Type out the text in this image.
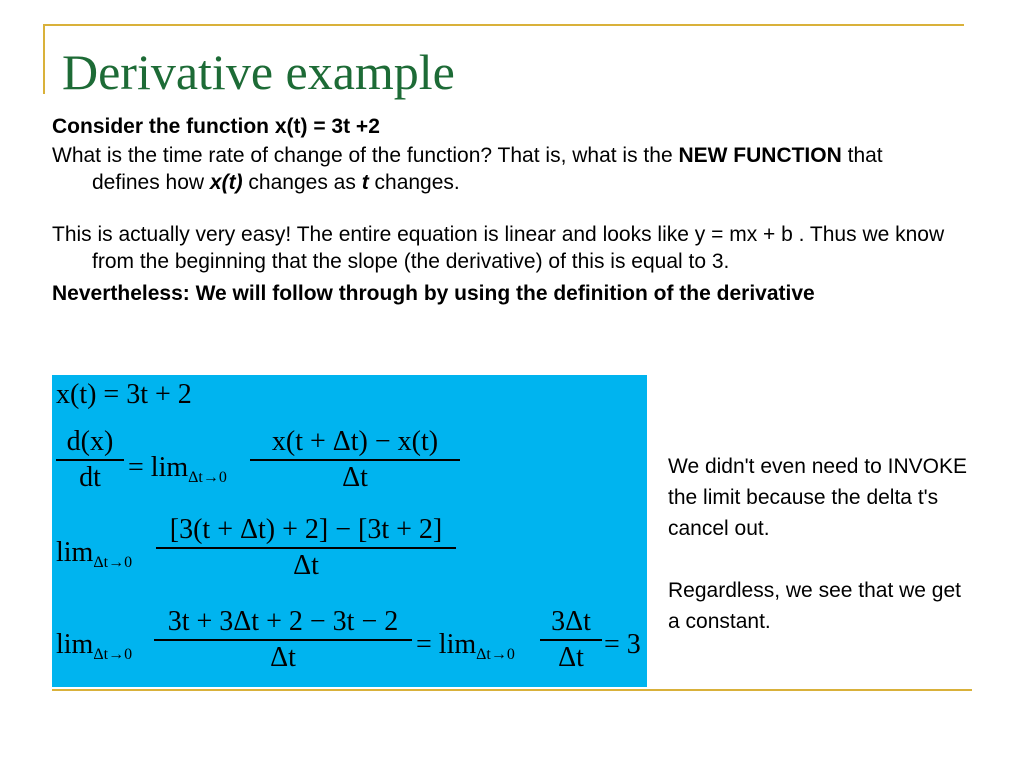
Derivative example

Consider the function x(t) = 3t +2

What is the time rate of change of the function? That is, what is the NEW FUNCTION that defines how x(t) changes as t changes.

This is actually very easy! The entire equation is linear and looks like y = mx + b . Thus we know from the beginning that the slope (the derivative) of this is equal to 3.

Nevertheless: We will follow through by using the definition of the derivative

x(t) = 3t + 2
$\frac{d(x)}{dt} = \lim_{\Delta t\to 0} \frac{x(t + \Delta t) - x(t)}{\Delta t}$
$\lim_{\Delta t\to 0} \frac{[3(t + \Delta t) + 2] - [3t + 2]}{\Delta t}$
$\lim_{\Delta t\to 0} \frac{3t + 3\Delta t + 2 - 3t - 2}{\Delta t} = \lim_{\Delta t\to 0} \frac{3\Delta t}{\Delta t} = 3$

We didn't even need to INVOKE the limit because the delta t's cancel out.

Regardless, we see that we get a constant.
